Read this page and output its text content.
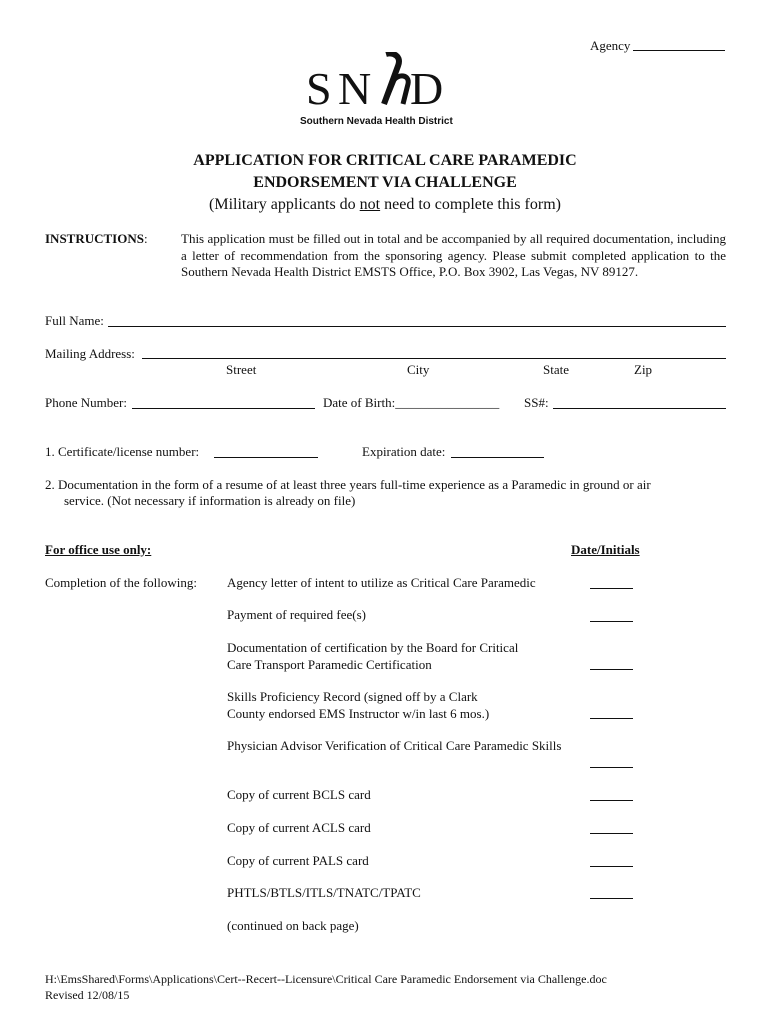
Agency
S N D
Southern Nevada Health District
APPLICATION FOR CRITICAL CARE PARAMEDIC
ENDORSEMENT VIA CHALLENGE
(Military applicants do not need to complete this form)
INSTRUCTIONS:	This application must be filled out in total and be accompanied by all required documentation, including a letter of recommendation from the sponsoring agency. Please submit completed application to the Southern Nevada Health District EMSTS Office, P.O. Box 3902, Las Vegas, NV 89127.
Full Name:
Mailing Address:
Street	City	State	Zip
Phone Number:	Date of Birth:________________ SS#:
1. Certificate/license number:	Expiration date:
2. Documentation in the form of a resume of at least three years full-time experience as a Paramedic in ground or air
service. (Not necessary if information is already on file)
For office use only:	Date/Initials
Completion of the following: Agency letter of intent to utilize as Critical Care Paramedic
Payment of required fee(s)
Documentation of certification by the Board for Critical Care Transport Paramedic Certification
Skills Proficiency Record (signed off by a Clark County endorsed EMS Instructor w/in last 6 mos.)
Physician Advisor Verification of Critical Care Paramedic Skills
Copy of current BCLS card
Copy of current ACLS card
Copy of current PALS card
PHTLS/BTLS/ITLS/TNATC/TPATC
(continued on back page)
H:\EmsShared\Forms\Applications\Cert--Recert--Licensure\Critical Care Paramedic Endorsement via Challenge.doc
Revised 12/08/15
